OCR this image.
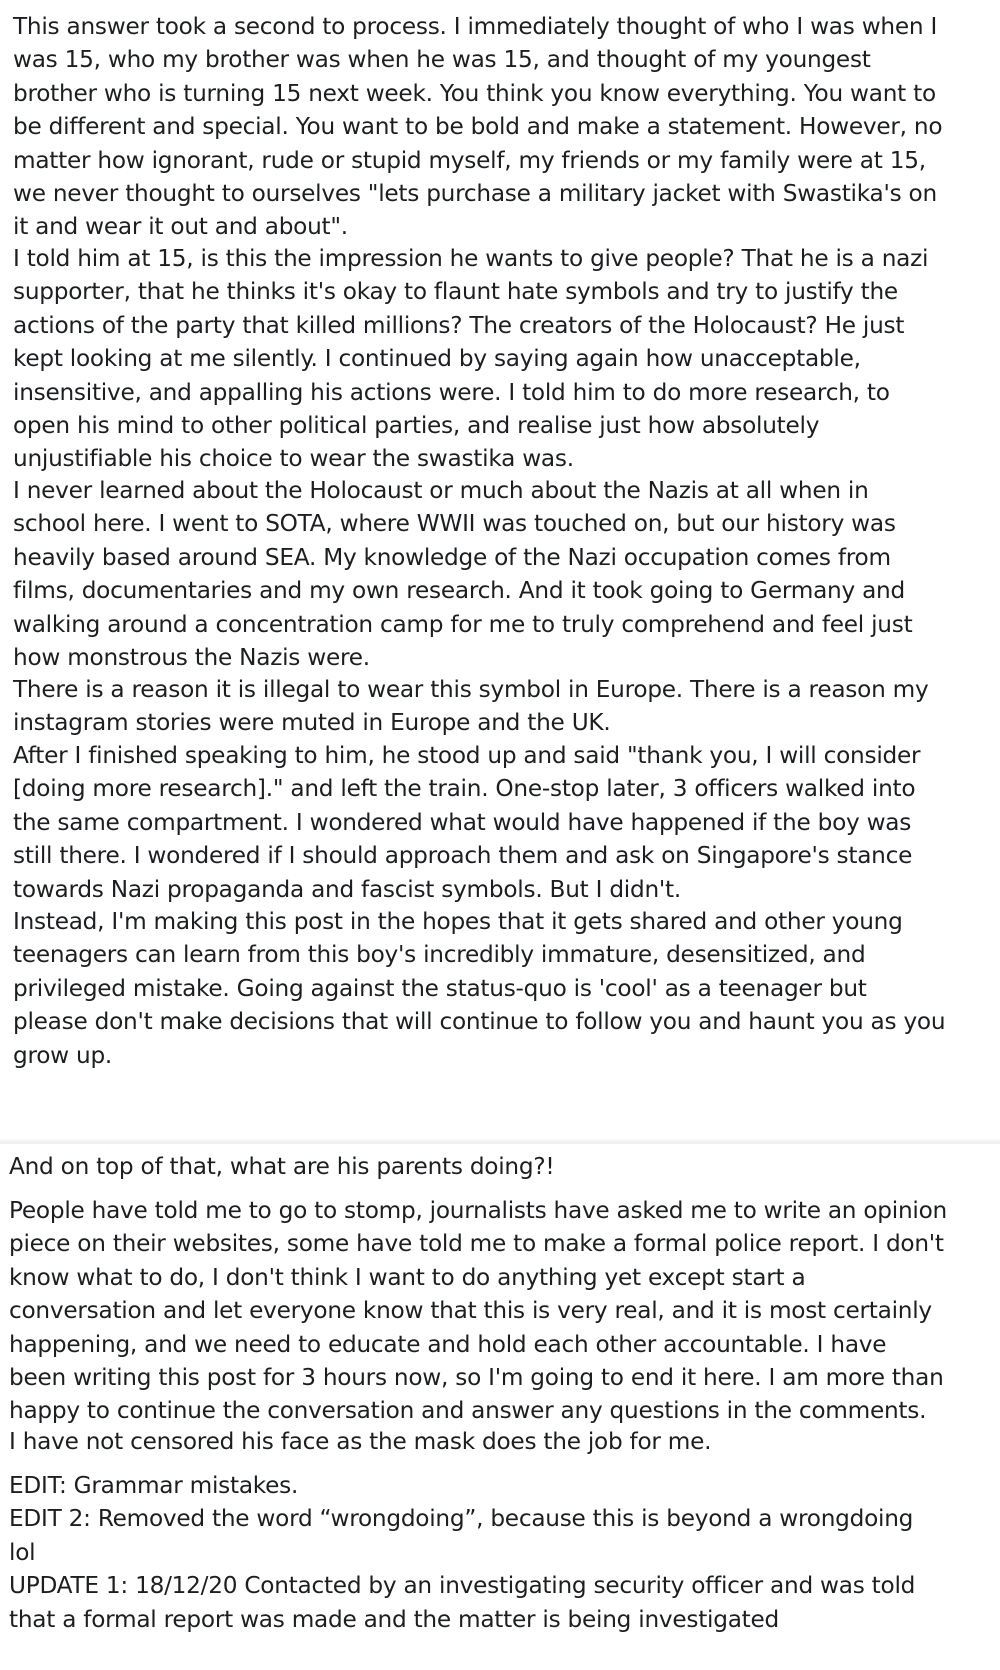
This answer took a second to process. I immediately thought of who I was when I
was 15, who my brother was when he was 15, and thought of my youngest
brother who is turning 15 next week. You think you know everything. You want to
be different and special. You want to be bold and make a statement. However, no
matter how ignorant, rude or stupid myself, my friends or my family were at 15,
we never thought to ourselves "lets purchase a military jacket with Swastika's on
it and wear it out and about".

I told him at 15, is this the impression he wants to give people? That he is a nazi
supporter, that he thinks it's okay to flaunt hate symbols and try to justify the
actions of the party that killed millions? The creators of the Holocaust? He just
kept looking at me silently. I continued by saying again how unacceptable,
insensitive, and appalling his actions were. I told him to do more research, to
open his mind to other political parties, and realise just how absolutely
unjustifiable his choice to wear the swastika was.

I never learned about the Holocaust or much about the Nazis at all when in
school here. I went to SOTA, where WWII was touched on, but our history was
heavily based around SEA. My knowledge of the Nazi occupation comes from
films, documentaries and my own research. And it took going to Germany and
walking around a concentration camp for me to truly comprehend and feel just
how monstrous the Nazis were.

There is a reason it is illegal to wear this symbol in Europe. There is a reason my
instagram stories were muted in Europe and the UK.

After I finished speaking to him, he stood up and said "thank you, I will consider
[doing more research]." and left the train. One-stop later, 3 officers walked into
the same compartment. I wondered what would have happened if the boy was
still there. I wondered if I should approach them and ask on Singapore's stance
towards Nazi propaganda and fascist symbols. But I didn't.

Instead, I'm making this post in the hopes that it gets shared and other young
teenagers can learn from this boy's incredibly immature, desensitized, and
privileged mistake. Going against the status-quo is 'cool' as a teenager but
please don't make decisions that will continue to follow you and haunt you as you
grow up.

And on top of that, what are his parents doing?!

People have told me to go to stomp, journalists have asked me to write an opinion
piece on their websites, some have told me to make a formal police report. I don't
know what to do, I don't think I want to do anything yet except start a
conversation and let everyone know that this is very real, and it is most certainly
happening, and we need to educate and hold each other accountable. I have
been writing this post for 3 hours now, so I'm going to end it here. I am more than
happy to continue the conversation and answer any questions in the comments.

I have not censored his face as the mask does the job for me.

EDIT: Grammar mistakes.
EDIT 2: Removed the word “wrongdoing”, because this is beyond a wrongdoing
lol
UPDATE 1: 18/12/20 Contacted by an investigating security officer and was told
that a formal report was made and the matter is being investigated
